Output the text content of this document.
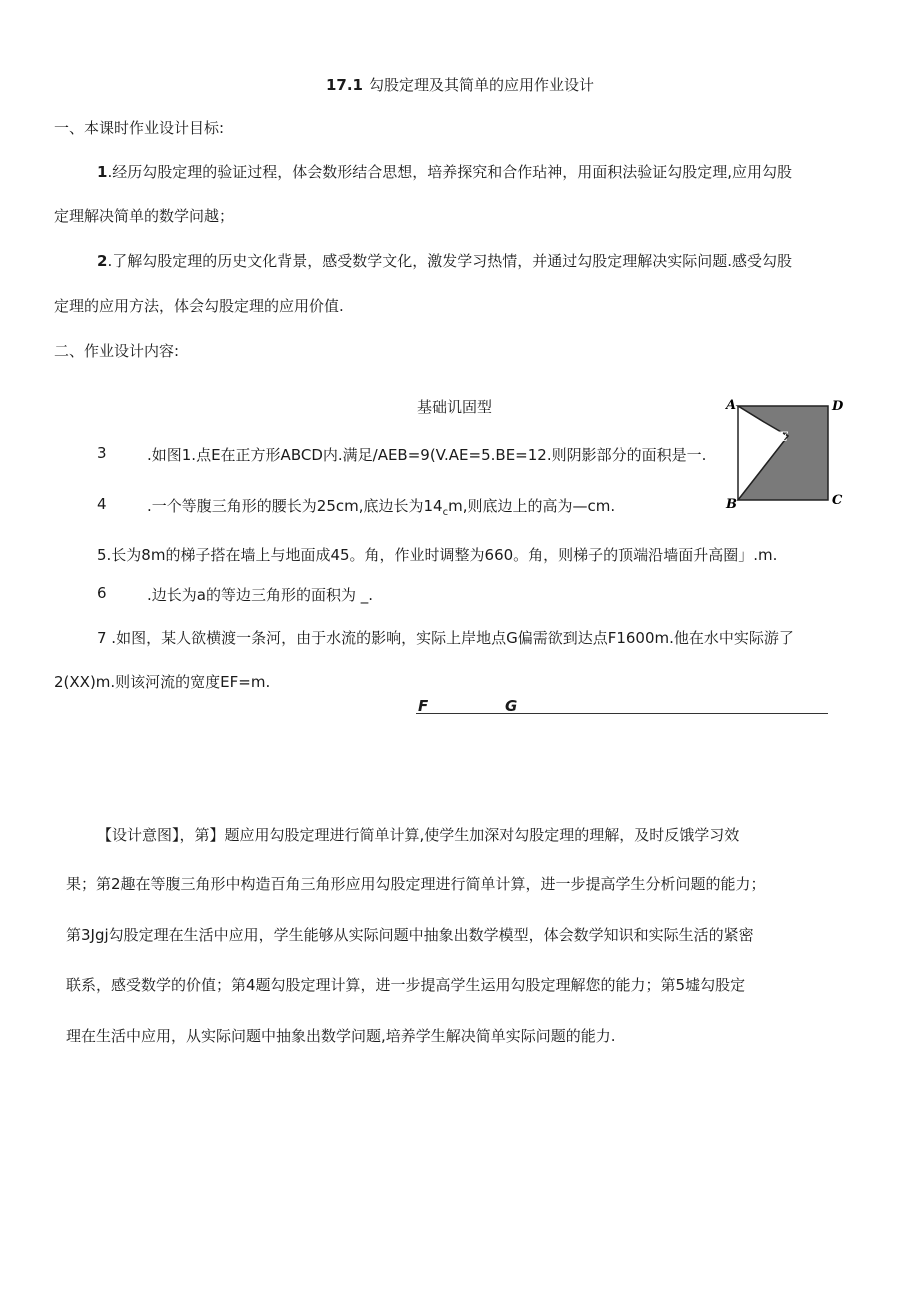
17.1 勾股定理及其简单的应用作业设计
一、本课时作业设计目标:
1.经历勾股定理的验证过程，体会数形结合思想，培养探究和合作玷神，用面积法验证勾股定理,应用勾股
定理解决简单的数学问越；
2.了解勾股定理的历史文化背景，感受数学文化，激发学习热情，并通过勾股定理解决实际问题.感受勾股
定理的应用方法，体会勾股定理的应用价值.
二、作业设计内容:
基础讥固型
3	.如图1.点E在正方形ABCD内.满足/AEB=9(V.AE=5.BE=12.则阴影部分的面积是一.
4	.一个等腹三角形的腰长为25cm,底边长为$14_cm$,则底边上的高为—cm.
5.长为8m的梯子搭在墙上与地面成45。角，作业时调整为660。角，则梯子的顶端沿墙面升高圈」.m.
6	.边长为a的等边三角形的面积为 _.
7 .如图，某人欲横渡一条河，由于水流的影响，实际上岸地点G偏需欲到达点F1600m.他在水中实际游了
2(XX)m.则该河流的宽度EF=m.
A	D
B	C
E
F	G
【设计意图】，第】题应用勾股定理进行简单计算,使学生加深对勾股定理的理解，及时反饿学习效
果；第2趣在等腹三角形中构造百角三角形应用勾股定理进行简单计算，进一步提高学生分析问题的能力；
第3Jgj勾股定理在生活中应用，学生能够从实际问题中抽象出数学模型，体会数学知识和实际生活的紧密
联系，感受数学的价值；第4题勾股定理计算，进一步提高学生运用勾股定理解您的能力；第5墟勾股定
理在生活中应用，从实际问题中抽象出数学问题,培养学生解决简单实际问题的能力.
